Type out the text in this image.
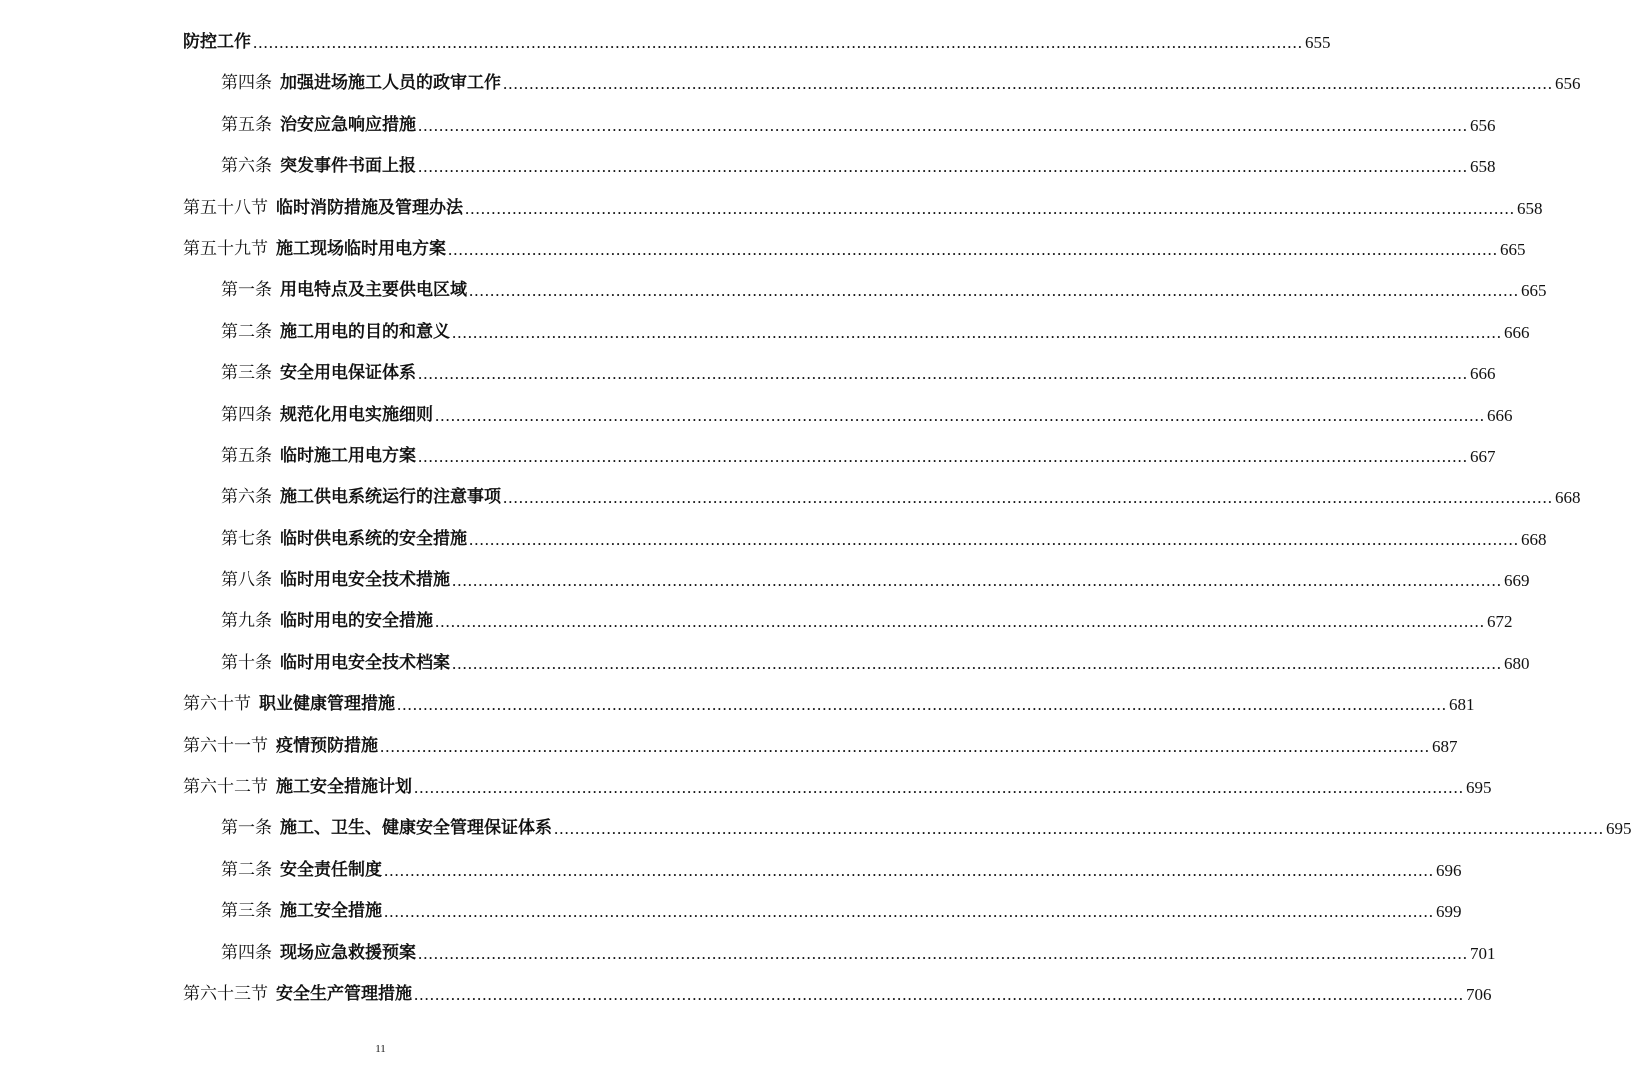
防控工作 ........................................................................................................................................................................................................ 655
第四条 加强进场施工人员的政审工作 ........................................................................................................................................................................................................ 656
第五条 治安应急响应措施 ........................................................................................................................................................................................................ 656
第六条 突发事件书面上报 ........................................................................................................................................................................................................ 658
第五十八节 临时消防措施及管理办法 ........................................................................................................................................................................................................ 658
第五十九节 施工现场临时用电方案 ........................................................................................................................................................................................................ 665
第一条 用电特点及主要供电区域 ........................................................................................................................................................................................................ 665
第二条 施工用电的目的和意义 ........................................................................................................................................................................................................ 666
第三条 安全用电保证体系 ........................................................................................................................................................................................................ 666
第四条 规范化用电实施细则 ........................................................................................................................................................................................................ 666
第五条 临时施工用电方案 ........................................................................................................................................................................................................ 667
第六条 施工供电系统运行的注意事项 ........................................................................................................................................................................................................ 668
第七条 临时供电系统的安全措施 ........................................................................................................................................................................................................ 668
第八条 临时用电安全技术措施 ........................................................................................................................................................................................................ 669
第九条 临时用电的安全措施 ........................................................................................................................................................................................................ 672
第十条 临时用电安全技术档案 ........................................................................................................................................................................................................ 680
第六十节 职业健康管理措施 ........................................................................................................................................................................................................ 681
第六十一节 疫情预防措施 ........................................................................................................................................................................................................ 687
第六十二节 施工安全措施计划 ........................................................................................................................................................................................................ 695
第一条 施工、卫生、健康安全管理保证体系 ........................................................................................................................................................................................................ 695
第二条 安全责任制度 ........................................................................................................................................................................................................ 696
第三条 施工安全措施 ........................................................................................................................................................................................................ 699
第四条 现场应急救援预案 ........................................................................................................................................................................................................ 701
第六十三节 安全生产管理措施 ........................................................................................................................................................................................................ 706
11
